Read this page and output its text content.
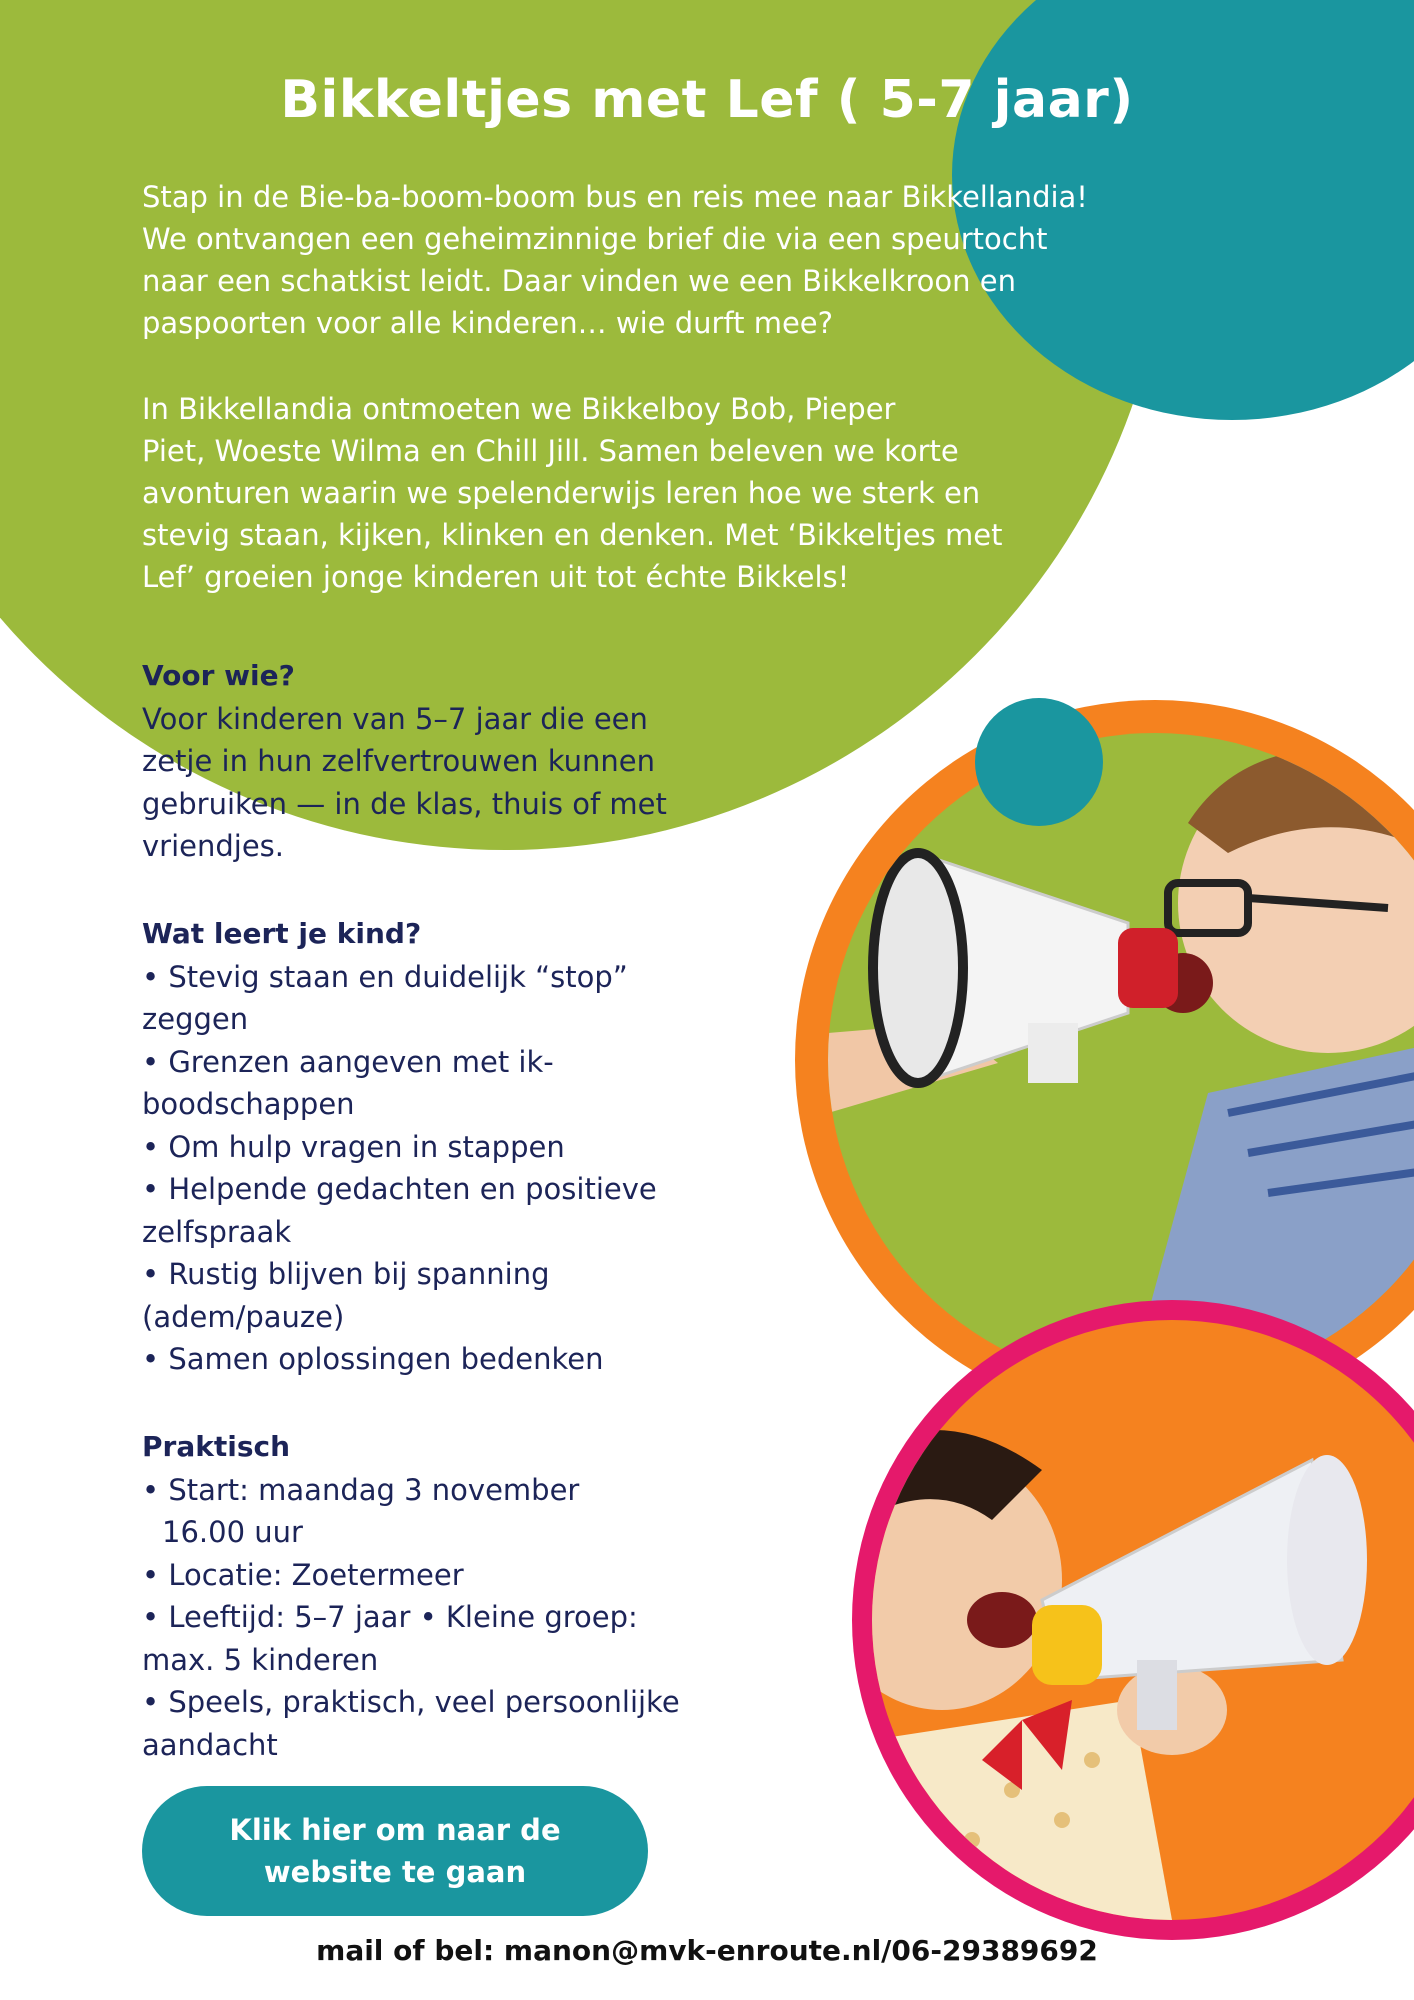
Bikkeltjes met Lef ( 5-7 jaar)
Stap in de Bie-ba-boom-boom bus en reis mee naar Bikkellandia!
We ontvangen een geheimzinnige brief die via een speurtocht
naar een schatkist leidt. Daar vinden we een Bikkelkroon en
paspoorten voor alle kinderen… wie durft mee?
In Bikkellandia ontmoeten we Bikkelboy Bob, Pieper
Piet, Woeste Wilma en Chill Jill. Samen beleven we korte
avonturen waarin we spelenderwijs leren hoe we sterk en
stevig staan, kijken, klinken en denken. Met ‘Bikkeltjes met
Lef’ groeien jonge kinderen uit tot échte Bikkels!
Voor wie?
Voor kinderen van 5–7 jaar die een
zetje in hun zelfvertrouwen kunnen
gebruiken — in de klas, thuis of met
vriendjes.
Wat leert je kind?
• Stevig staan en duidelijk “stop”
zeggen
• Grenzen aangeven met ik-
boodschappen
• Om hulp vragen in stappen
• Helpende gedachten en positieve
zelfspraak
• Rustig blijven bij spanning
(adem/pauze)
• Samen oplossingen bedenken
Praktisch
• Start: maandag 3 november
16.00 uur
• Locatie: Zoetermeer
• Leeftijd: 5–7 jaar • Kleine groep:
max. 5 kinderen
• Speels, praktisch, veel persoonlijke
aandacht
Klik hier om naar de
website te gaan
mail of bel: manon@mvk-enroute.nl/06-29389692
